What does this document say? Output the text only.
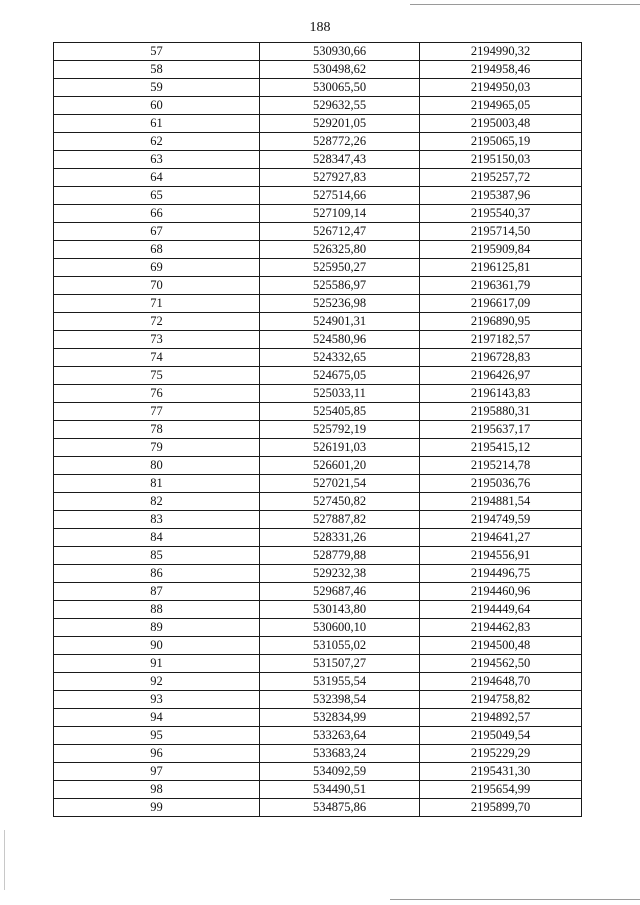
188
57	530930,66	2194990,32
58	530498,62	2194958,46
59	530065,50	2194950,03
60	529632,55	2194965,05
61	529201,05	2195003,48
62	528772,26	2195065,19
63	528347,43	2195150,03
64	527927,83	2195257,72
65	527514,66	2195387,96
66	527109,14	2195540,37
67	526712,47	2195714,50
68	526325,80	2195909,84
69	525950,27	2196125,81
70	525586,97	2196361,79
71	525236,98	2196617,09
72	524901,31	2196890,95
73	524580,96	2197182,57
74	524332,65	2196728,83
75	524675,05	2196426,97
76	525033,11	2196143,83
77	525405,85	2195880,31
78	525792,19	2195637,17
79	526191,03	2195415,12
80	526601,20	2195214,78
81	527021,54	2195036,76
82	527450,82	2194881,54
83	527887,82	2194749,59
84	528331,26	2194641,27
85	528779,88	2194556,91
86	529232,38	2194496,75
87	529687,46	2194460,96
88	530143,80	2194449,64
89	530600,10	2194462,83
90	531055,02	2194500,48
91	531507,27	2194562,50
92	531955,54	2194648,70
93	532398,54	2194758,82
94	532834,99	2194892,57
95	533263,64	2195049,54
96	533683,24	2195229,29
97	534092,59	2195431,30
98	534490,51	2195654,99
99	534875,86	2195899,70
